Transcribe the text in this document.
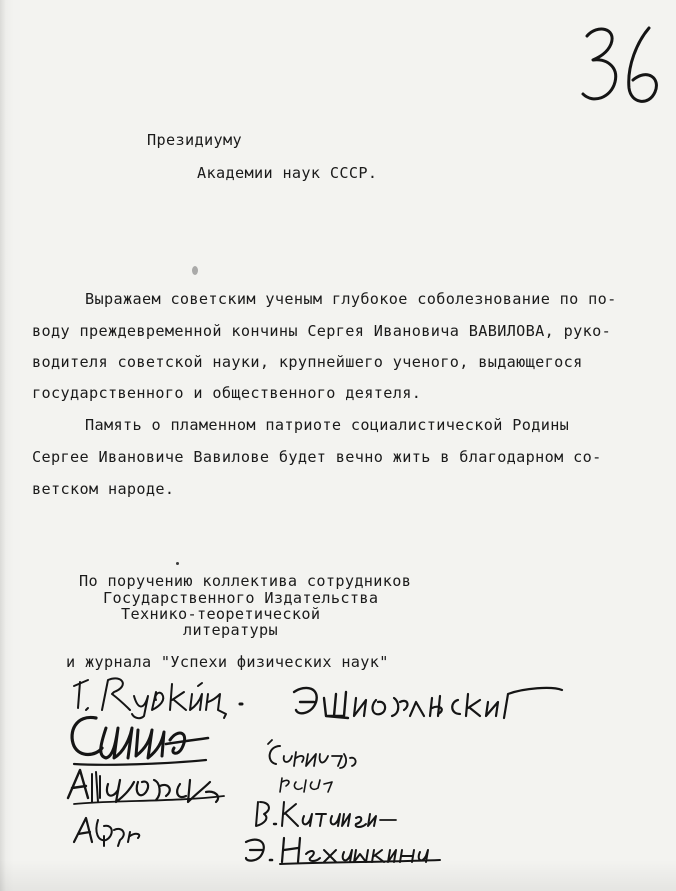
Президиуму

Академии наук СССР.

Выражаем советским ученым глубокое соболезнование по по-

воду преждевременной кончины Сергея Ивановича ВАВИЛОВА, руко-

водителя советской науки, крупнейшего ученого, выдающегося

государственного и общественного деятеля.

Память о пламенном патриоте социалистической Родины

Сергее Ивановиче Вавилове будет вечно жить в благодарном со-

ветском народе.

По поручению коллектива сотрудников

Государственного Издательства

Технико-теоретической

литературы

и журнала "Успехи физических наук"
